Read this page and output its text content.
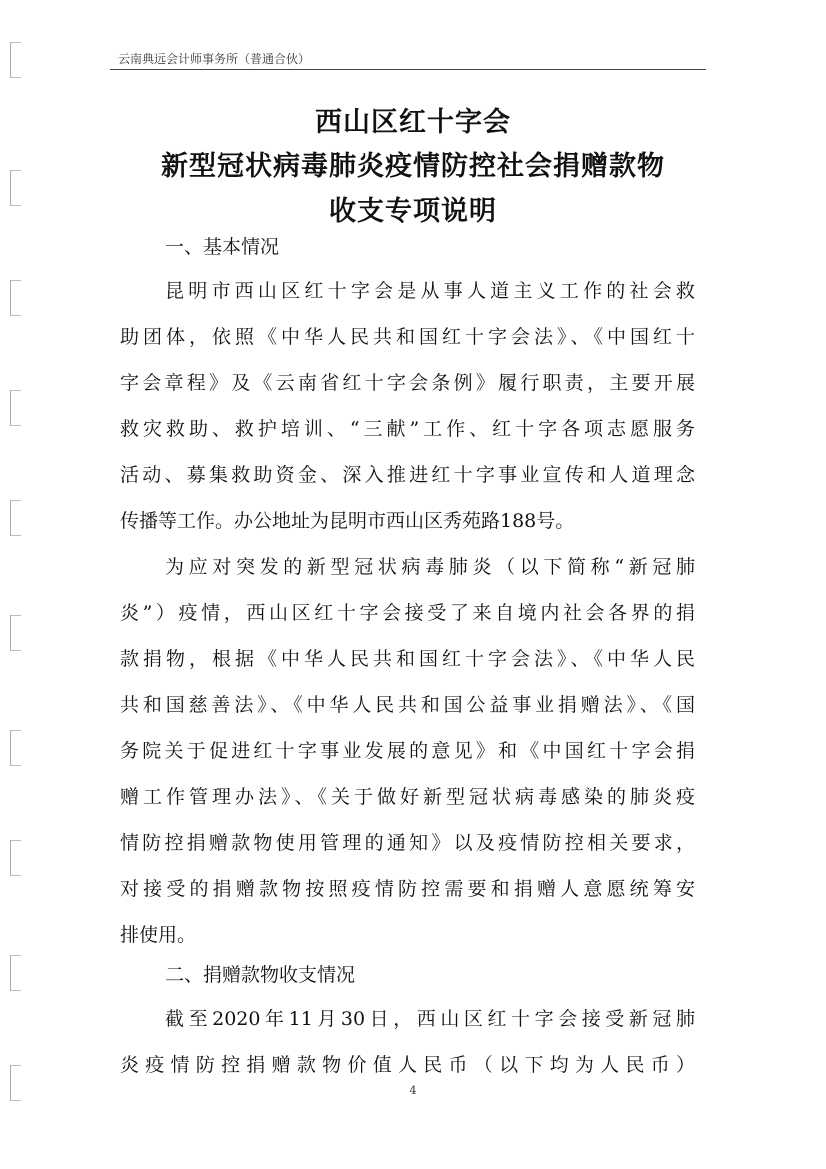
云南典远会计师事务所（普通合伙）
西山区红十字会
新型冠状病毒肺炎疫情防控社会捐赠款物
收支专项说明
一、基本情况
昆明市西山区红十字会是从事人道主义工作的社会救
助团体，依照《中华人民共和国红十字会法》、《中国红十
字会章程》及《云南省红十字会条例》履行职责，主要开展
救灾救助、救护培训、“三献”工作、红十字各项志愿服务
活动、募集救助资金、深入推进红十字事业宣传和人道理念
传播等工作。办公地址为昆明市西山区秀苑路188号。
为应对突发的新型冠状病毒肺炎（以下简称“新冠肺
炎”）疫情，西山区红十字会接受了来自境内社会各界的捐
款捐物，根据《中华人民共和国红十字会法》、《中华人民
共和国慈善法》、《中华人民共和国公益事业捐赠法》、《国
务院关于促进红十字事业发展的意见》和《中国红十字会捐
赠工作管理办法》、《关于做好新型冠状病毒感染的肺炎疫
情防控捐赠款物使用管理的通知》以及疫情防控相关要求，
对接受的捐赠款物按照疫情防控需要和捐赠人意愿统筹安
排使用。
二、捐赠款物收支情况
截至2020年11月30日，西山区红十字会接受新冠肺
炎疫情防控捐赠款物价值人民币（以下均为人民币）
4
